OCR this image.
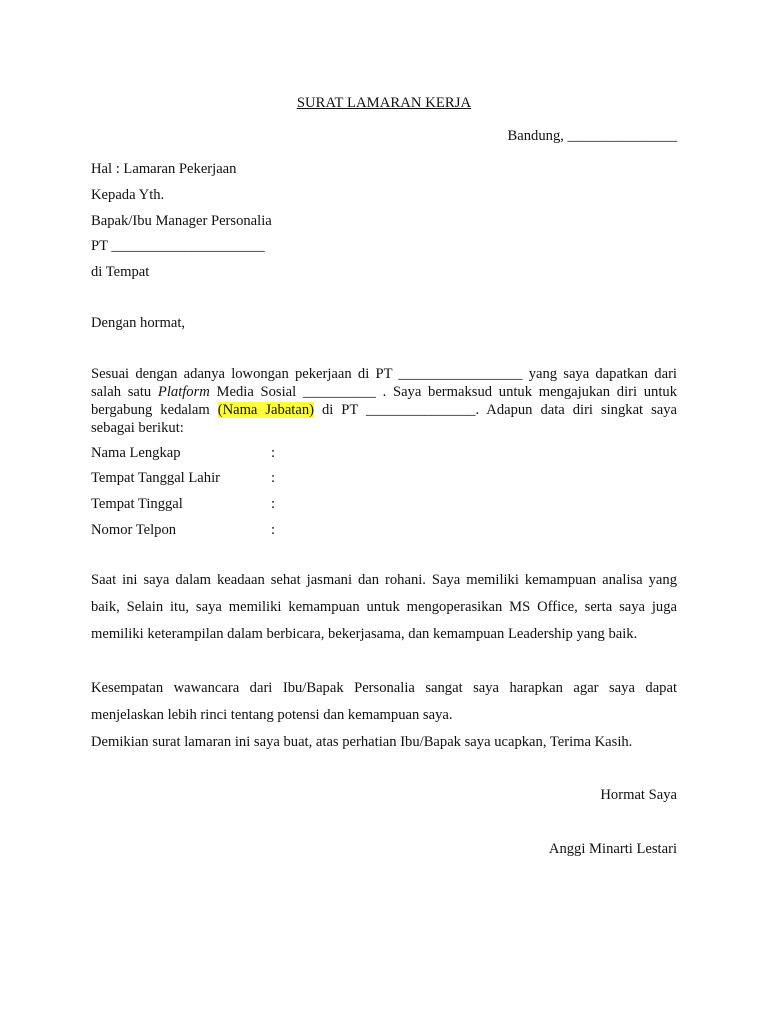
SURAT LAMARAN KERJA
Bandung, _______________
Hal : Lamaran Pekerjaan
Kepada Yth.
Bapak/Ibu Manager Personalia
PT _____________________
di Tempat
Dengan hormat,
Sesuai dengan adanya lowongan pekerjaan di PT _________________ yang saya dapatkan dari
salah satu Platform Media Sosial __________ . Saya bermaksud untuk mengajukan diri untuk
bergabung kedalam (Nama Jabatan) di PT _______________. Adapun data diri singkat saya
sebagai berikut:
Nama Lengkap	:
Tempat Tanggal Lahir	:
Tempat Tinggal	:
Nomor Telpon	:
Saat ini saya dalam keadaan sehat jasmani dan rohani. Saya memiliki kemampuan analisa yang
baik, Selain itu, saya memiliki kemampuan untuk mengoperasikan MS Office, serta saya juga
memiliki keterampilan dalam berbicara, bekerjasama, dan kemampuan Leadership yang baik.
Kesempatan wawancara dari Ibu/Bapak Personalia sangat saya harapkan agar saya dapat
menjelaskan lebih rinci tentang potensi dan kemampuan saya.
Demikian surat lamaran ini saya buat, atas perhatian Ibu/Bapak saya ucapkan, Terima Kasih.
Hormat Saya
Anggi Minarti Lestari
